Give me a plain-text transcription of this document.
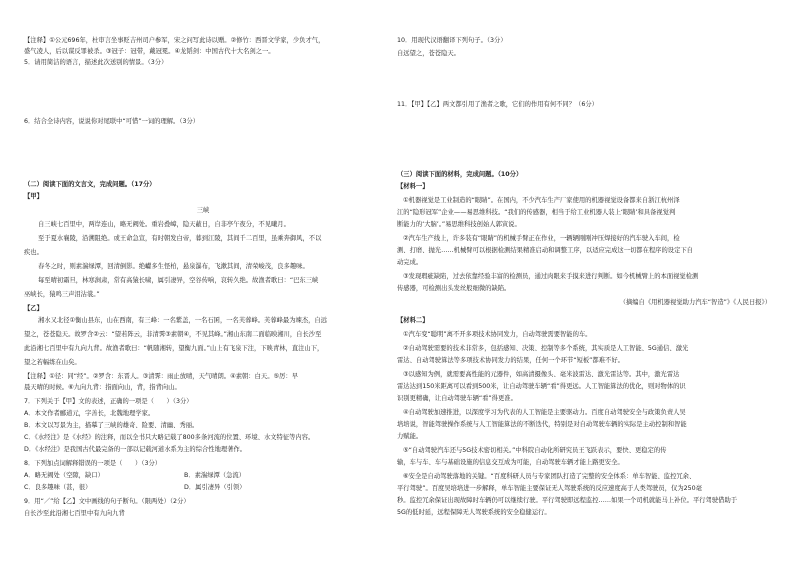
【注释】①公元696年，杜审言坐事贬吉州司户参军，宋之问写此诗以赠。②修竹：西晋文学家，少负才气，
盛气凌人，后以谋反罪被杀。③冠子：冠带，戴冠冕。④龙韬剑：中国古代十大名剑之一。
5．请用简洁的语言，描述此次送别的情景。（3分）
6．结合全诗内容，说说你对尾联中“可惜”一词的理解。（3分）
（二）阅读下面的文言文，完成问题。（17分）
【甲】
三峡
自三峡七百里中，两岸连山，略无阙处。重岩叠嶂，隐天蔽日，自非亭午夜分，不见曦月。
至于夏水襄陵，沿溯阻绝。或王命急宣，有时朝发白帝，暮到江陵，其间千二百里，虽乘奔御风，不以
疾也。
春冬之时，则素湍绿潭，回清倒影。绝巘多生怪柏，悬泉瀑布，飞漱其间，清荣峻茂，良多趣味。
每至晴初霜旦，林寒涧肃，常有高猿长啸，属引凄异，空谷传响，哀转久绝。故渔者歌曰：“巴东三峡
巫峡长，猿鸣三声泪沾裳。”
【乙】
湘水又北径①衡山县东，山在西南，有三峰：一名紫盖，一名石囷，一名芙蓉峰。芙蓉峰最为竦杰，自远
望之，苍苍隐天。故罗含②云：“望若阵云，非清霁③素朝④，不见其峰。”湘山东南二面临映湘川，自长沙至
此沿湘七百里中有九向九背。故渔者歌曰：“帆随湘转，望衡九面。”山上有飞泉下注，下映青林，直注山下，
望之若幅练在山矣。
【注释】①径：同“经”。②罗含：东晋人。③清霁：雨止放晴，天气晴朗。④素朝：白天。⑤厉：早
晨天晴的时候。⑥九向九背：指面向山，背，指背向山。
7．下列关于【甲】文的表述，正确的一项是（　　）（3分）
A．本文作者郦道元，字善长，北魏地理学家。
B．本文以写景为主，描摹了三峡的雄奇、险要、清幽、秀丽。
C．《水经注》是《水经》的注释，而以全书只大略记载了800多条河流的位置、环境、水文特征等内容。
D．《水经注》是我国古代最完备的一部以记载河道水系为主的综合性地理著作。
8．下列加点词解释错误的一项是（　　）（3分）
A．略无阙处（空隙，缺口）	B．素湍绿潭（急流）
C．良多趣味（甚，很）	D．属引凄异（引领）
9．用“／”给【乙】文中画线的句子断句。（限两处）（2分）
自长沙至此沿湘七百里中有九向九背
10．用现代汉语翻译下列句子。（3分）
自远望之，苍苍隐天。
11．【甲】【乙】两文都引用了渔者之歌，它们的作用有何不同？（6分）
（三）阅读下面的材料，完成问题。（10分）
【材料一】
①机器视觉是工业制造的“眼睛”。在国内，不少汽车生产厂家使用的机器视觉设备都来自浙江杭州泽
江的“隐形冠军”企业——易思维科技。“我们的传感器，相当于给工业机器人装上‘眼睛’和具备视觉判
断能力的‘大脑’。”易思维科技创始人郭寅说。
②汽车生产线上，许多装有“眼睛”的机械手臂正在作业，一辆辆刚刚冲压焊接好的汽车驶入车间，检
测、打磨、抛光……机械臂可以根据检测结果精准启动和调整工序，以适应完成这一切都在程序的设定下自
动完成。
③发现瑕疵缺陷，过去依靠经验丰富的检测员，通过肉眼来手摸来进行判断。如今机械臂上的本面视觉检测
传感器，可检测出头发丝般细微的缺陷。
（摘编自《用机器视觉助力汽车“智造”》《人民日报》）
【材料二】
①汽车变“聪明”离不开多项技术协同发力，自动驾驶需要智能的车。
②自动驾驶需要的技术非常多，包括感知、决策、控制等多个系统，其实质是人工智能、5G通信、激光
雷达、自动驾驶算法等多项技术协同发力的结果，任何一个环节“短板”都难不好。
③以感知为例，就需要高性能的元器件，如高清摄像头、毫米波雷达、激光雷达等。其中，激光雷达
雷达达到150米距离可以看到500米，让自动驾驶车辆“看”得更远。人工智能算法的优化，则对物体的识
识别更精确，让自动驾驶车辆“看”得更准。
④自动驾驶加速推进，以深度学习为代表的人工智能是主要驱动力。百度自动驾驶安全与政策负责人吴
培培说，智能驾驶操作系统与人工智能算法的不断迭代，特别是对自动驾驶车辆的实际是主动控制和智能
力赋能。
⑤“自动驾驶汽车还与5G技术密切相关。”中科院自动化所研究员王飞跃表示，要快、更稳定的传
输，车与车、车与基础设施的信息交互成为可能，自动驾驶车辆才能上路更安全。
⑥安全是自动驾驶落地的关键。“百度科研人员与专家团队打造了完整的安全体系：单车智能、监控冗余、
平行驾驶”。百度吴培培进一步解释，单车智能主要保证无人驾驶系统的反应速度高于人类驾驶员，仅为250毫
秒。监控冗余保证出现故障时车辆仍可以继续行驶。平行驾驶即远程监控……如果一个司机就能马上补位。平行驾驶借助于
5G的低时延，远程保障无人驾驶系统的安全稳健运行。
